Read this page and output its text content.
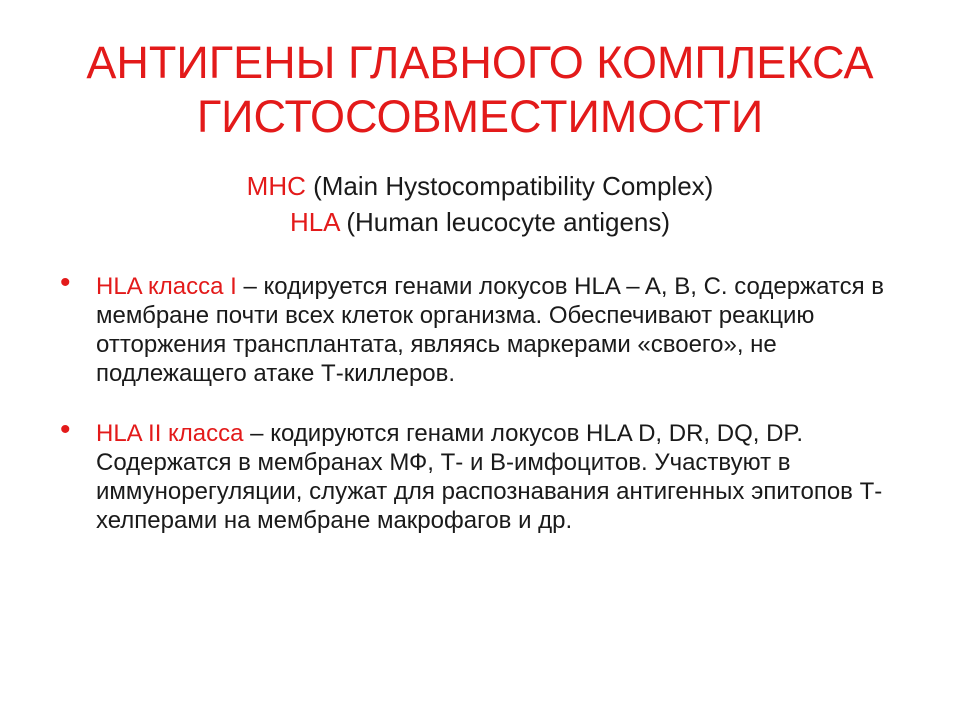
АНТИГЕНЫ ГЛАВНОГО КОМПЛЕКСА
ГИСТОСОВМЕСТИМОСТИ
MHC (Main Hystocompatibility Complex)
HLA (Human leucocyte antigens)
• HLA класса I – кодируется генами локусов HLA – A, B, C. содержатся в мембране почти всех клеток организма. Обеспечивают реакцию отторжения трансплантата, являясь маркерами «своего», не подлежащего атаке Т-киллеров.
• HLA II класса – кодируются генами локусов HLA D, DR, DQ, DP. Содержатся в мембранах МФ, Т- и В-имфоцитов. Участвуют в иммунорегуляции, служат для распознавания антигенных эпитопов Т-хелперами на мембране макрофагов и др.
